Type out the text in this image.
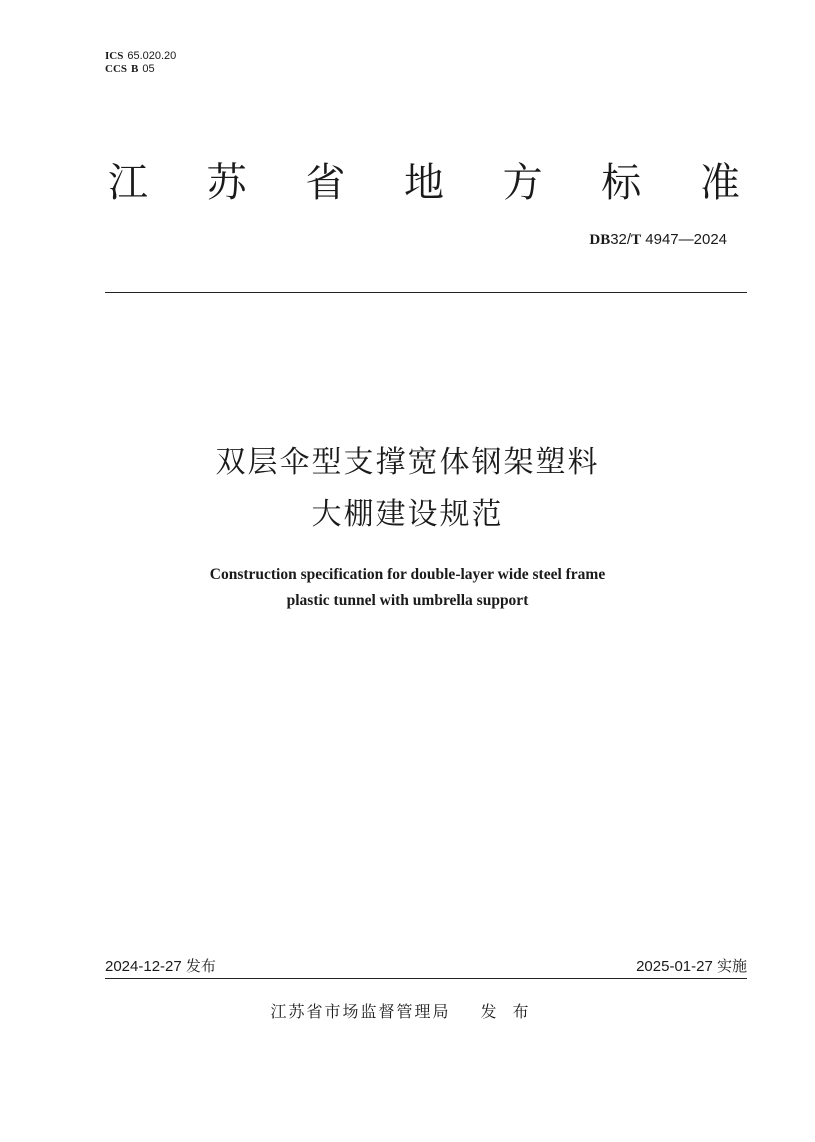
ICS 65.020.20
CCS B 05
江 苏 省 地 方 标 准
DB32/T 4947—2024
双层伞型支撑宽体钢架塑料
大棚建设规范
Construction specification for double-layer wide steel frame
plastic tunnel with umbrella support
2024-12-27 发布	2025-01-27 实施
江苏省市场监督管理局 发布
